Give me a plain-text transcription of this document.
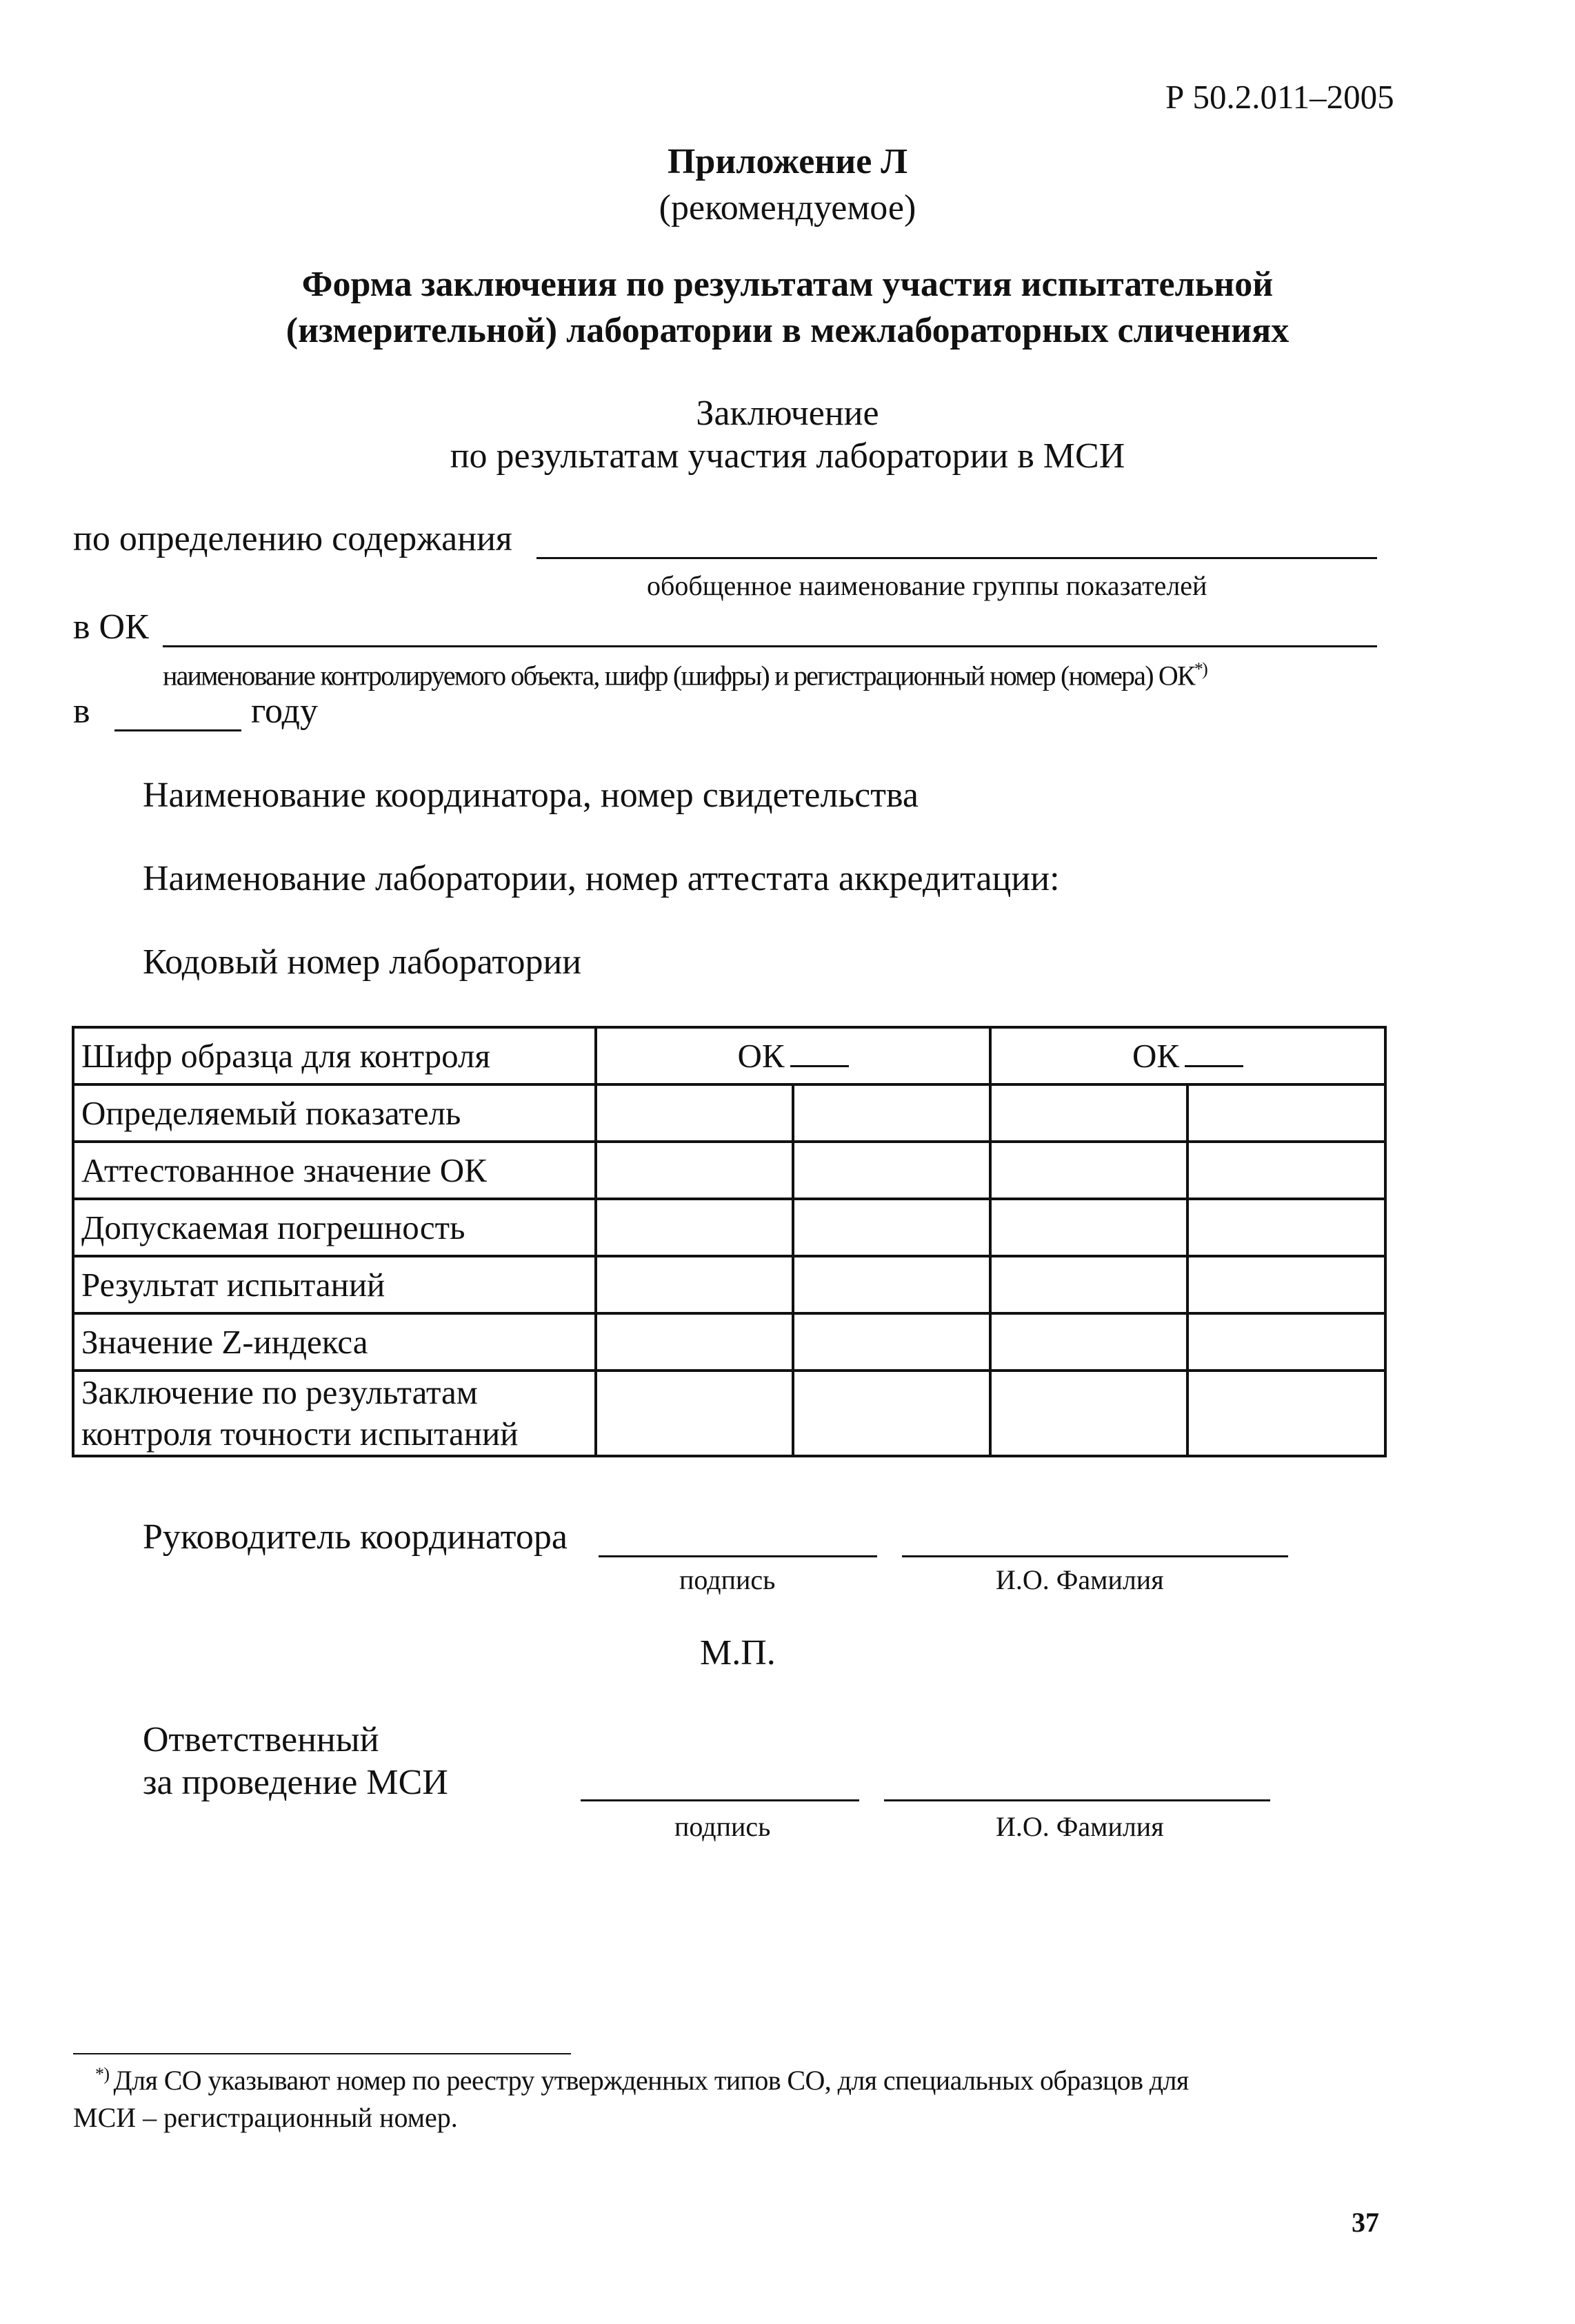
Р 50.2.011–2005
Приложение Л
(рекомендуемое)
Форма заключения по результатам участия испытательной
(измерительной) лаборатории в межлабораторных сличениях
Заключение
по результатам участия лаборатории в МСИ
по определению содержания
обобщенное наименование группы показателей
в ОК
наименование контролируемого объекта, шифр (шифры) и регистрационный номер (номера) ОК*)
в	году
Наименование координатора, номер свидетельства
Наименование лаборатории, номер аттестата аккредитации:
Кодовый номер лаборатории
Шифр образца для контроля	ОК		ОК	
Определяемый показатель				
Аттестованное значение ОК				
Допускаемая погрешность				
Результат испытаний				
Значение Z-индекса				

Заключение по результатам
контроля точности испытаний				

Руководитель координатора
подпись	И.О. Фамилия
М.П.
Ответственный
за проведение МСИ
подпись	И.О. Фамилия
*) Для СО указывают номер по реестру утвержденных типов СО, для специальных образцов для
МСИ – регистрационный номер.
37
